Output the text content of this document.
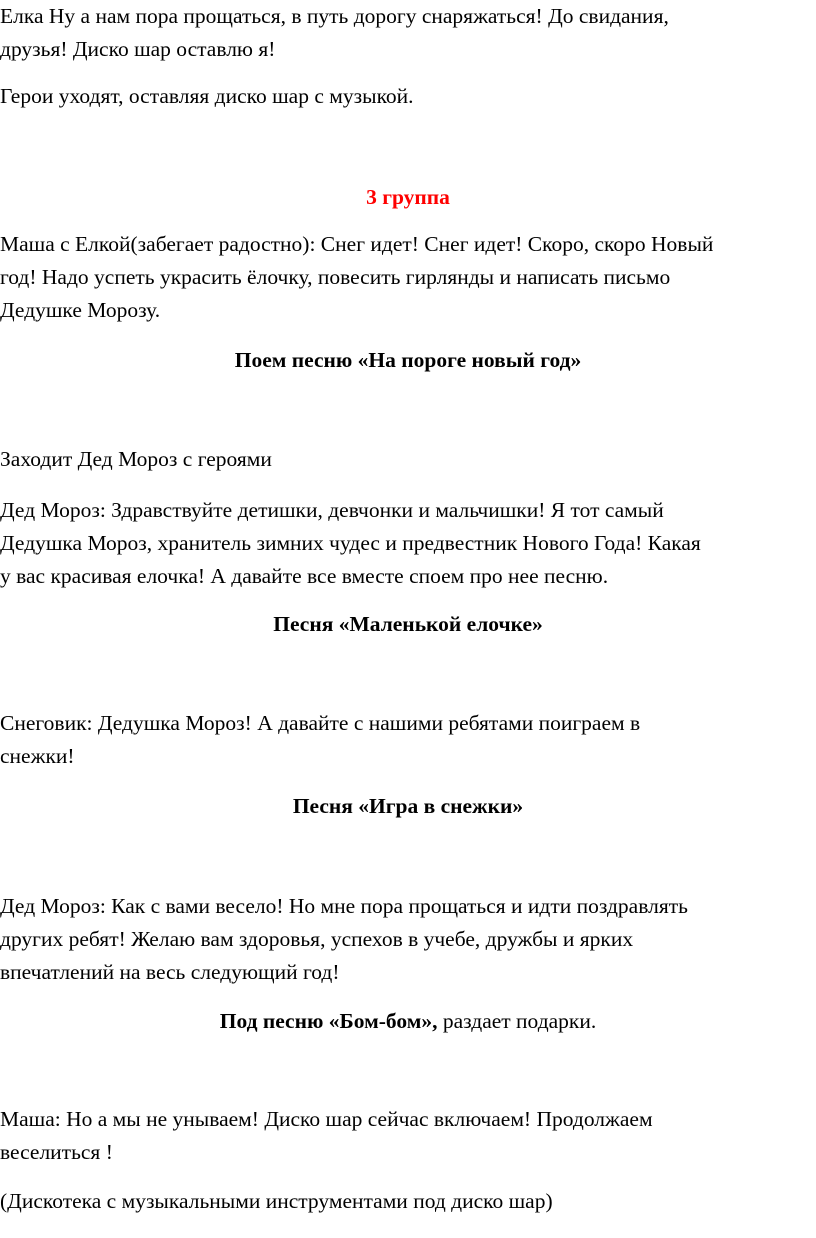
Елка Ну а нам пора прощаться, в путь дорогу снаряжаться! До свидания,
друзья! Диско шар оставлю я!
Герои уходят, оставляя диско шар с музыкой.
3 группа
Маша с Елкой(забегает радостно): Снег идет! Снег идет! Скоро, скоро Новый
год! Надо успеть украсить ёлочку, повесить гирлянды и написать письмо
Дедушке Морозу.
Поем песню «На пороге новый год»
Заходит Дед Мороз с героями
Дед Мороз: Здравствуйте детишки, девчонки и мальчишки! Я тот самый
Дедушка Мороз, хранитель зимних чудес и предвестник Нового Года! Какая
у вас красивая елочка! А давайте все вместе споем про нее песню.
Песня «Маленькой елочке»
Снеговик: Дедушка Мороз! А давайте с нашими ребятами поиграем в
снежки!
Песня «Игра в снежки»
Дед Мороз: Как с вами весело! Но мне пора прощаться и идти поздравлять
других ребят! Желаю вам здоровья, успехов в учебе, дружбы и ярких
впечатлений на весь следующий год!
Под песню «Бом-бом», раздает подарки.
Маша: Но а мы не унываем! Диско шар сейчас включаем! Продолжаем
веселиться !
(Дискотека с музыкальными инструментами под диско шар)
